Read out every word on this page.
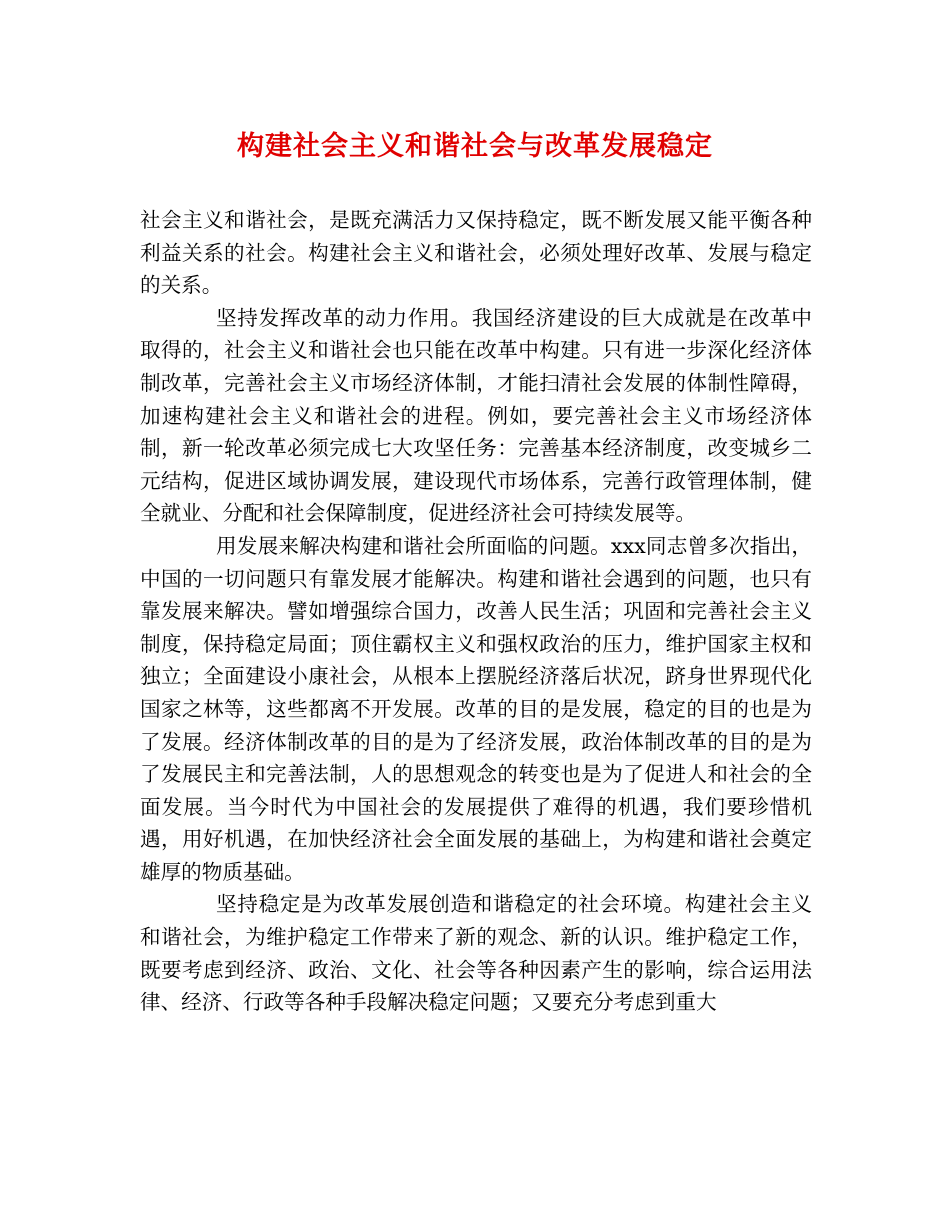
构建社会主义和谐社会与改革发展稳定

社会主义和谐社会，是既充满活力又保持稳定，既不断发展又能平衡各种利益关系的社会。构建社会主义和谐社会，必须处理好改革、发展与稳定的关系。

坚持发挥改革的动力作用。我国经济建设的巨大成就是在改革中取得的，社会主义和谐社会也只能在改革中构建。只有进一步深化经济体制改革，完善社会主义市场经济体制，才能扫清社会发展的体制性障碍，加速构建社会主义和谐社会的进程。例如，要完善社会主义市场经济体制，新一轮改革必须完成七大攻坚任务：完善基本经济制度，改变城乡二元结构，促进区域协调发展，建设现代市场体系，完善行政管理体制，健全就业、分配和社会保障制度，促进经济社会可持续发展等。

用发展来解决构建和谐社会所面临的问题。xxx同志曾多次指出，中国的一切问题只有靠发展才能解决。构建和谐社会遇到的问题，也只有靠发展来解决。譬如增强综合国力，改善人民生活；巩固和完善社会主义制度，保持稳定局面；顶住霸权主义和强权政治的压力，维护国家主权和独立；全面建设小康社会，从根本上摆脱经济落后状况，跻身世界现代化国家之林等，这些都离不开发展。改革的目的是发展，稳定的目的也是为了发展。经济体制改革的目的是为了经济发展，政治体制改革的目的是为了发展民主和完善法制，人的思想观念的转变也是为了促进人和社会的全面发展。当今时代为中国社会的发展提供了难得的机遇，我们要珍惜机遇，用好机遇，在加快经济社会全面发展的基础上，为构建和谐社会奠定雄厚的物质基础。

坚持稳定是为改革发展创造和谐稳定的社会环境。构建社会主义和谐社会，为维护稳定工作带来了新的观念、新的认识。维护稳定工作，既要考虑到经济、政治、文化、社会等各种因素产生的影响，综合运用法律、经济、行政等各种手段解决稳定问题；又要充分考虑到重大
